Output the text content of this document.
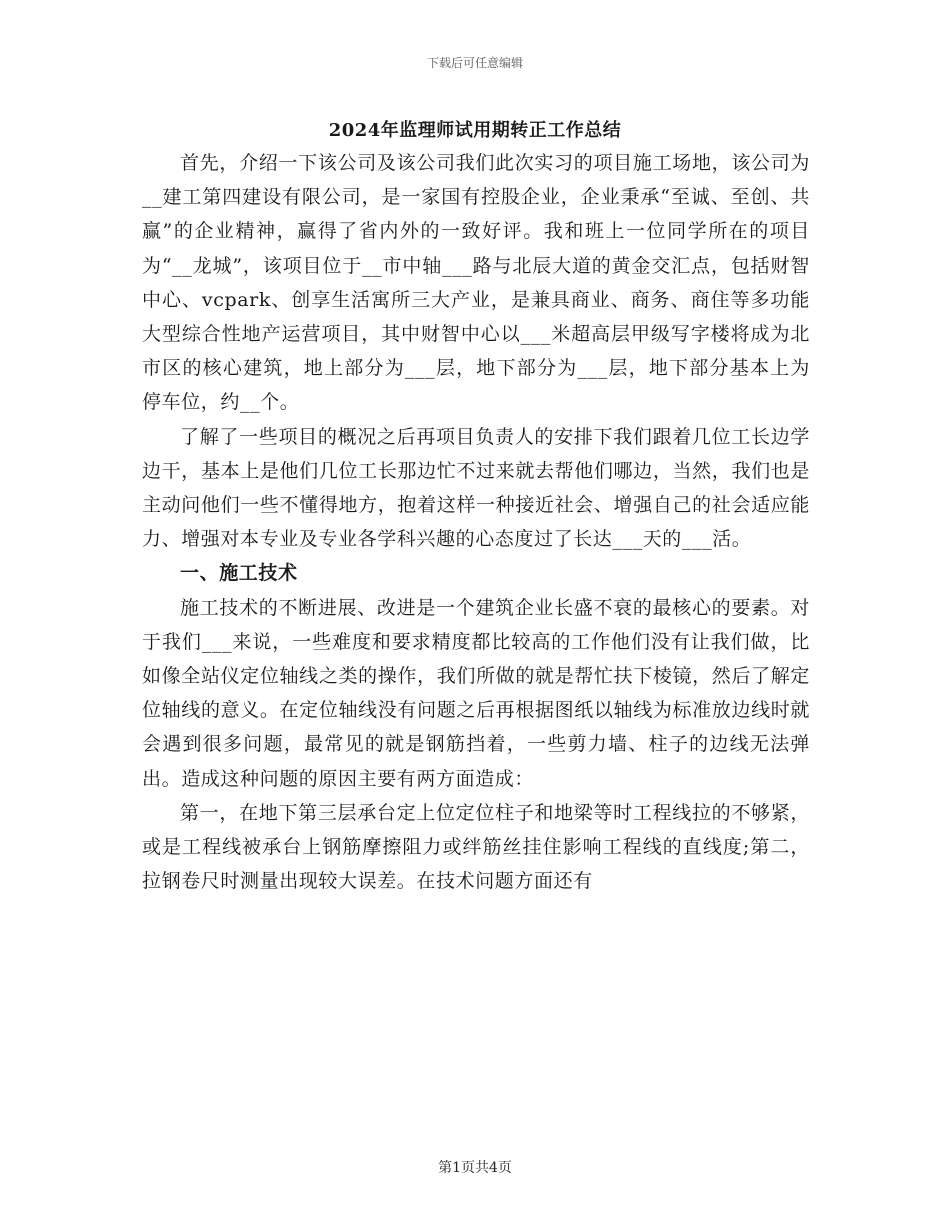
下载后可任意编辑
2024年监理师试用期转正工作总结

首先，介绍一下该公司及该公司我们此次实习的项目施工场地，该公司为__建工第四建设有限公司，是一家国有控股企业，企业秉承“至诚、至创、共赢”的企业精神，赢得了省内外的一致好评。我和班上一位同学所在的项目为“__龙城”，该项目位于__市中轴___路与北辰大道的黄金交汇点，包括财智中心、vcpark、创享生活寓所三大产业，是兼具商业、商务、商住等多功能大型综合性地产运营项目，其中财智中心以___米超高层甲级写字楼将成为北市区的核心建筑，地上部分为___层，地下部分为___层，地下部分基本上为停车位，约__个。

了解了一些项目的概况之后再项目负责人的安排下我们跟着几位工长边学边干，基本上是他们几位工长那边忙不过来就去帮他们哪边，当然，我们也是主动问他们一些不懂得地方，抱着这样一种接近社会、增强自己的社会适应能力、增强对本专业及专业各学科兴趣的心态度过了长达___天的___活。

一、施工技术

施工技术的不断进展、改进是一个建筑企业长盛不衰的最核心的要素。对于我们___来说，一些难度和要求精度都比较高的工作他们没有让我们做，比如像全站仪定位轴线之类的操作，我们所做的就是帮忙扶下棱镜，然后了解定位轴线的意义。在定位轴线没有问题之后再根据图纸以轴线为标准放边线时就会遇到很多问题，最常见的就是钢筋挡着，一些剪力墙、柱子的边线无法弹出。造成这种问题的原因主要有两方面造成：

第一，在地下第三层承台定上位定位柱子和地梁等时工程线拉的不够紧，或是工程线被承台上钢筋摩擦阻力或绊筋丝挂住影响工程线的直线度;第二，拉钢卷尺时测量出现较大误差。在技术问题方面还有

第1页共4页
